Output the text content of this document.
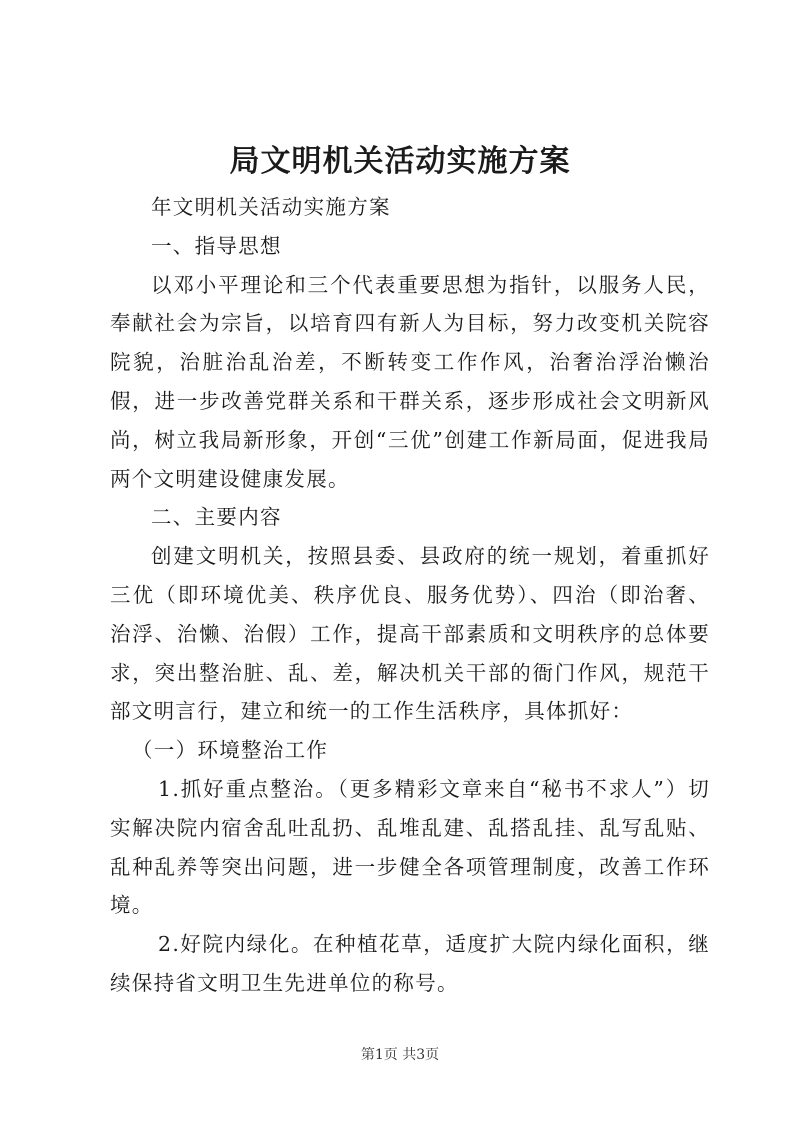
局文明机关活动实施方案

年文明机关活动实施方案

一、指导思想

以邓小平理论和三个代表重要思想为指针，以服务人民，奉献社会为宗旨，以培育四有新人为目标，努力改变机关院容院貌，治脏治乱治差，不断转变工作作风，治奢治浮治懒治假，进一步改善党群关系和干群关系，逐步形成社会文明新风尚，树立我局新形象，开创“三优”创建工作新局面，促进我局两个文明建设健康发展。

二、主要内容

创建文明机关，按照县委、县政府的统一规划，着重抓好三优（即环境优美、秩序优良、服务优势）、四治（即治奢、治浮、治懒、治假）工作，提高干部素质和文明秩序的总体要求，突出整治脏、乱、差，解决机关干部的衙门作风，规范干部文明言行，建立和统一的工作生活秩序，具体抓好：

（一）环境整治工作

1.抓好重点整治。（更多精彩文章来自“秘书不求人”）切实解决院内宿舍乱吐乱扔、乱堆乱建、乱搭乱挂、乱写乱贴、乱种乱养等突出问题，进一步健全各项管理制度，改善工作环境。

2.好院内绿化。在种植花草，适度扩大院内绿化面积，继续保持省文明卫生先进单位的称号。

第1页 共3页
